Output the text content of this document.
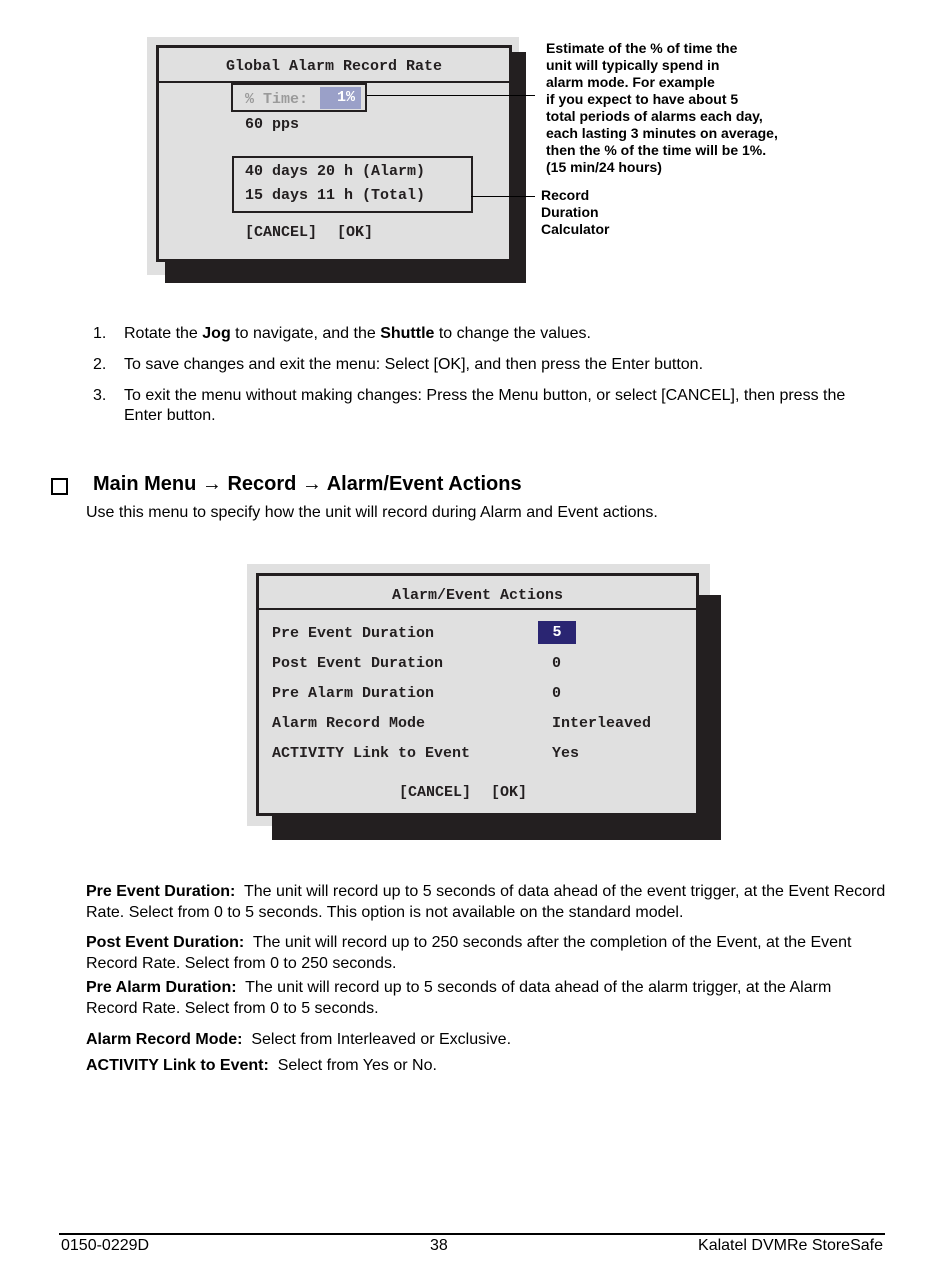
Global Alarm Record Rate
% Time:	1%
60 pps
40 days 20 h (Alarm)
15 days 11 h (Total)
[CANCEL] [OK]
Estimate of the % of time the
unit will typically spend in
alarm mode. For example
if you expect to have about 5
total periods of alarms each day,
each lasting 3 minutes on average,
then the % of the time will be 1%.
(15 min/24 hours)
Record
Duration
Calculator
1. Rotate the Jog to navigate, and the Shuttle to change the values.
2. To save changes and exit the menu: Select [OK], and then press the Enter button.
3. To exit the menu without making changes: Press the Menu button, or select [CANCEL], then press the Enter button.
Main Menu → Record → Alarm/Event Actions
Use this menu to specify how the unit will record during Alarm and Event actions.
Alarm/Event Actions
Pre Event Duration	5
Post Event Duration	0
Pre Alarm Duration	0
Alarm Record Mode	Interleaved
ACTIVITY Link to Event	Yes
[CANCEL] [OK]
Pre Event Duration: The unit will record up to 5 seconds of data ahead of the event trigger, at the Event Record Rate. Select from 0 to 5 seconds. This option is not available on the standard model.
Post Event Duration: The unit will record up to 250 seconds after the completion of the Event, at the Event Record Rate. Select from 0 to 250 seconds.
Pre Alarm Duration: The unit will record up to 5 seconds of data ahead of the alarm trigger, at the Alarm Record Rate. Select from 0 to 5 seconds.
Alarm Record Mode: Select from Interleaved or Exclusive.
ACTIVITY Link to Event: Select from Yes or No.
0150-0229D	38	Kalatel DVMRe StoreSafe
